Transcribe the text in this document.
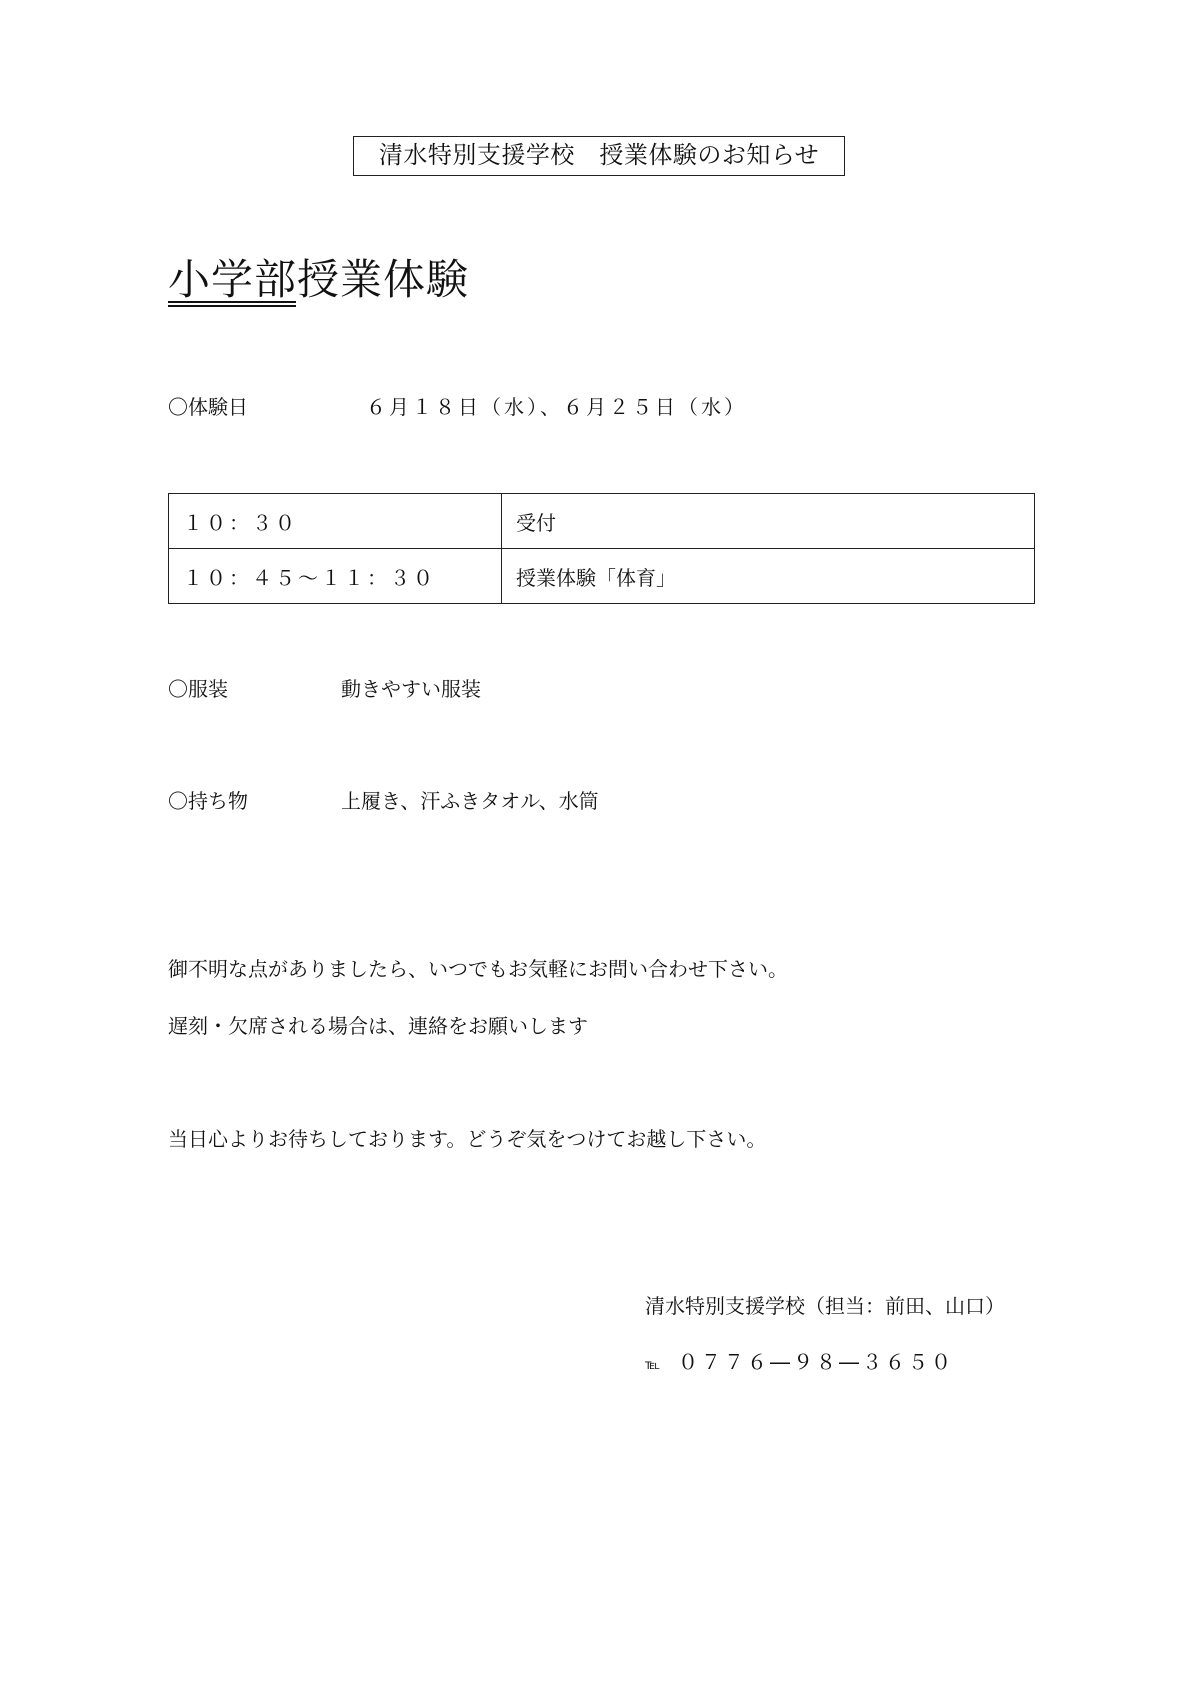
清水特別支援学校　授業体験のお知らせ
小学部授業体験
〇体験日	６月１８日（水）、６月２５日（水）
１０：３０	受付
１０：４５～１１：３０	授業体験「体育」
〇服装	動きやすい服装
〇持ち物	上履き、汗ふきタオル、水筒
御不明な点がありましたら、いつでもお気軽にお問い合わせ下さい。
遅刻・欠席される場合は、連絡をお願いします
当日心よりお待ちしております。どうぞ気をつけてお越し下さい。
清水特別支援学校（担当：前田、山口）
℡ ０７７６―９８―３６５０
